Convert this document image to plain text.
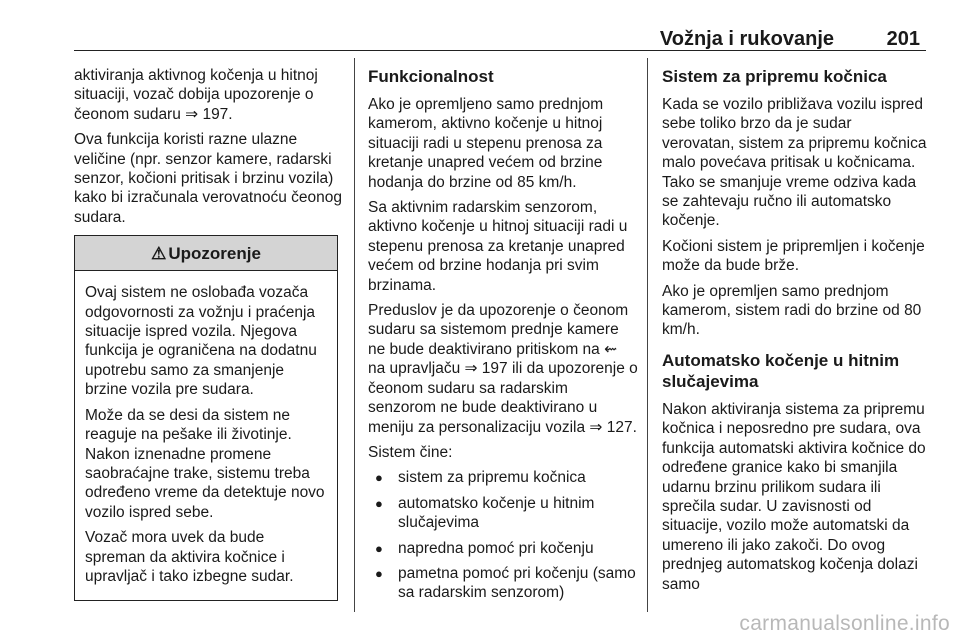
Vožnja i rukovanje	201

aktiviranja aktivnog kočenja u hitnoj situaciji, vozač dobija upozorenje o čeonom sudaru ⇒ 197.

Ova funkcija koristi razne ulazne veličine (npr. senzor kamere, radarski senzor, kočioni pritisak i brzinu vozila) kako bi izračunala verovatnoću čeonog sudara.

⚠ Upozorenje

Ovaj sistem ne oslobađa vozača odgovornosti za vožnju i praćenja situacije ispred vozila. Njegova funkcija je ograničena na dodatnu upotrebu samo za smanjenje brzine vozila pre sudara.

Može da se desi da sistem ne reaguje na pešake ili životinje. Nakon iznenadne promene saobraćajne trake, sistemu treba određeno vreme da detektuje novo vozilo ispred sebe.

Vozač mora uvek da bude spreman da aktivira kočnice i upravljač i tako izbegne sudar.

Funkcionalnost

Ako je opremljeno samo prednjom kamerom, aktivno kočenje u hitnoj situaciji radi u stepenu prenosa za kretanje unapred većem od brzine hodanja do brzine od 85 km/h.

Sa aktivnim radarskim senzorom, aktivno kočenje u hitnoj situaciji radi u stepenu prenosa za kretanje unapred većem od brzine hodanja pri svim brzinama.

Preduslov je da upozorenje o čeonom sudaru sa sistemom prednje kamere ne bude deaktivirano pritiskom na ⇜ na upravljaču ⇒ 197 ili da upozorenje o čeonom sudaru sa radarskim senzorom ne bude deaktivirano u meniju za personalizaciju vozila ⇒ 127.

Sistem čine:

● sistem za pripremu kočnica
● automatsko kočenje u hitnim slučajevima
● napredna pomoć pri kočenju
● pametna pomoć pri kočenju (samo sa radarskim senzorom)
Sistem za pripremu kočnica

Kada se vozilo približava vozilu ispred sebe toliko brzo da je sudar verovatan, sistem za pripremu kočnica malo povećava pritisak u kočnicama. Tako se smanjuje vreme odziva kada se zahtevaju ručno ili automatsko kočenje.

Kočioni sistem je pripremljen i kočenje može da bude brže.

Ako je opremljen samo prednjom kamerom, sistem radi do brzine od 80 km/h.

Automatsko kočenje u hitnim slučajevima

Nakon aktiviranja sistema za pripremu kočnica i neposredno pre sudara, ova funkcija automatski aktivira kočnice do određene granice kako bi smanjila udarnu brzinu prilikom sudara ili sprečila sudar. U zavisnosti od situacije, vozilo može automatski da umereno ili jako zakoči. Do ovog prednjeg automatskog kočenja dolazi samo

carmanualsonline.info
